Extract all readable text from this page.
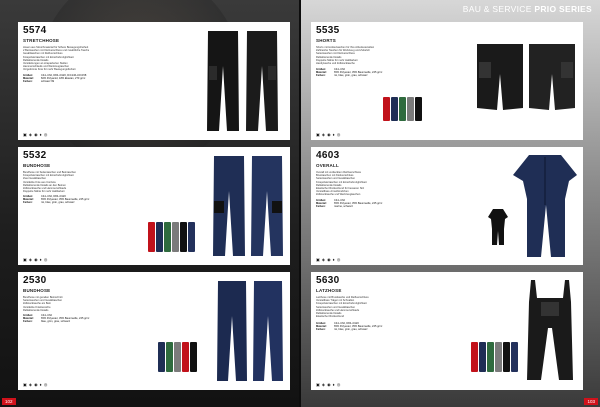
5574
STRETCHHOSE

Hosen aus Stretchmaterial für höhere Bewegungsfreiheit

2 Beintaschen mit Klettverschluss und zusätzliche Tasche

Gesäßtaschen mit Reißverschluss

Kniepolstertaschen mit Einschubmöglichkeit

Reflektierende Details

Verstärkungen an strapazierten Stellen

Hammerschlaufe und Werkzeugtaschen

Vorgeformte Knie für mehr Bewegungsfreiheit

Größen:	C44–C62, D84–D120, D/C146–D/C158
Material:	82% Polyamid, 18% Elastan, 270 g/m²
Farben:	schwarz 99
▣ ◈ ◉ ♦ ◎
5532
BUNDHOSE

Bundhose mit Seitentaschen und Beintaschen

Kniepolstertaschen mit Einschubmöglichkeit

Zwei Gesäßtaschen

Verstärkte Knie aus Cordura

Reflektierende Details an den Beinen

Zollstocktasche und Hammerschlaufe

Doppelte Nähte für mehr Haltbarkeit

Größen:	C44–C62, D84–D120
Material:	65% Polyester, 35% Baumwolle, 245 g/m²
Farben:	rot, blau, grün, grau, schwarz
▣ ◈ ◉ ♦ ◎
2530
BUNDHOSE

Bundhose mit geraden Beinschnitt

Seitentaschen und Gesäßtaschen

Zollstocktasche am Bein

Verstärkte Kniebereiche

Reflektierende Details

Größen:	C44–C62
Material:	65% Polyester, 35% Baumwolle, 245 g/m²
Farben:	blau, grün, grau, schwarz
▣ ◈ ◉ ♦ ◎
102
BAU & SERVICE PRIO SERIES
5535
SHORTS

Shorts mit Holstertaschen für Ihre Arbeitsutensilien

Zahlreiche Taschen für Werkzeug und Zubehör

Seitentaschen mit Klettverschluss

Reflektierende Details

Doppelte Nähte für mehr Haltbarkeit

Handytasche und Zollstocktasche

Größen:	C44–C62
Material:	65% Polyester, 35% Baumwolle, 245 g/m²
Farben:	rot, blau, grün, grau, schwarz
▣ ◈ ◉ ♦ ◎
4603
OVERALL

Overall mit verdecktem Reißverschluss

Brusttaschen mit Klettverschluss

Seitentaschen und Gesäßtaschen

Kniepolstertaschen mit Einschubmöglichkeit

Reflektierende Details

Elastischer Rückenbund für besseren Sitz

Verstellbare Ärmelbündchen

Zollstocktasche und Werkzeugtaschen

Größen:	C44–C62
Material:	65% Polyester, 35% Baumwolle, 245 g/m²
Farben:	marine, schwarz
▣ ◈ ◉ ♦ ◎
5630
LATZHOSE

Latzhose mit Brusttasche und Reißverschluss

Verstellbare Träger mit Schnallen

Kniepolstertaschen mit Einschubmöglichkeit

Seitentaschen und Gesäßtaschen

Zollstocktasche und Hammerschlaufe

Reflektierende Details

Elastischer Rückenbund

Größen:	C44–C62, D84–D120
Material:	65% Polyester, 35% Baumwolle, 245 g/m²
Farben:	rot, blau, grün, grau, schwarz
▣ ◈ ◉ ♦ ◎
103
